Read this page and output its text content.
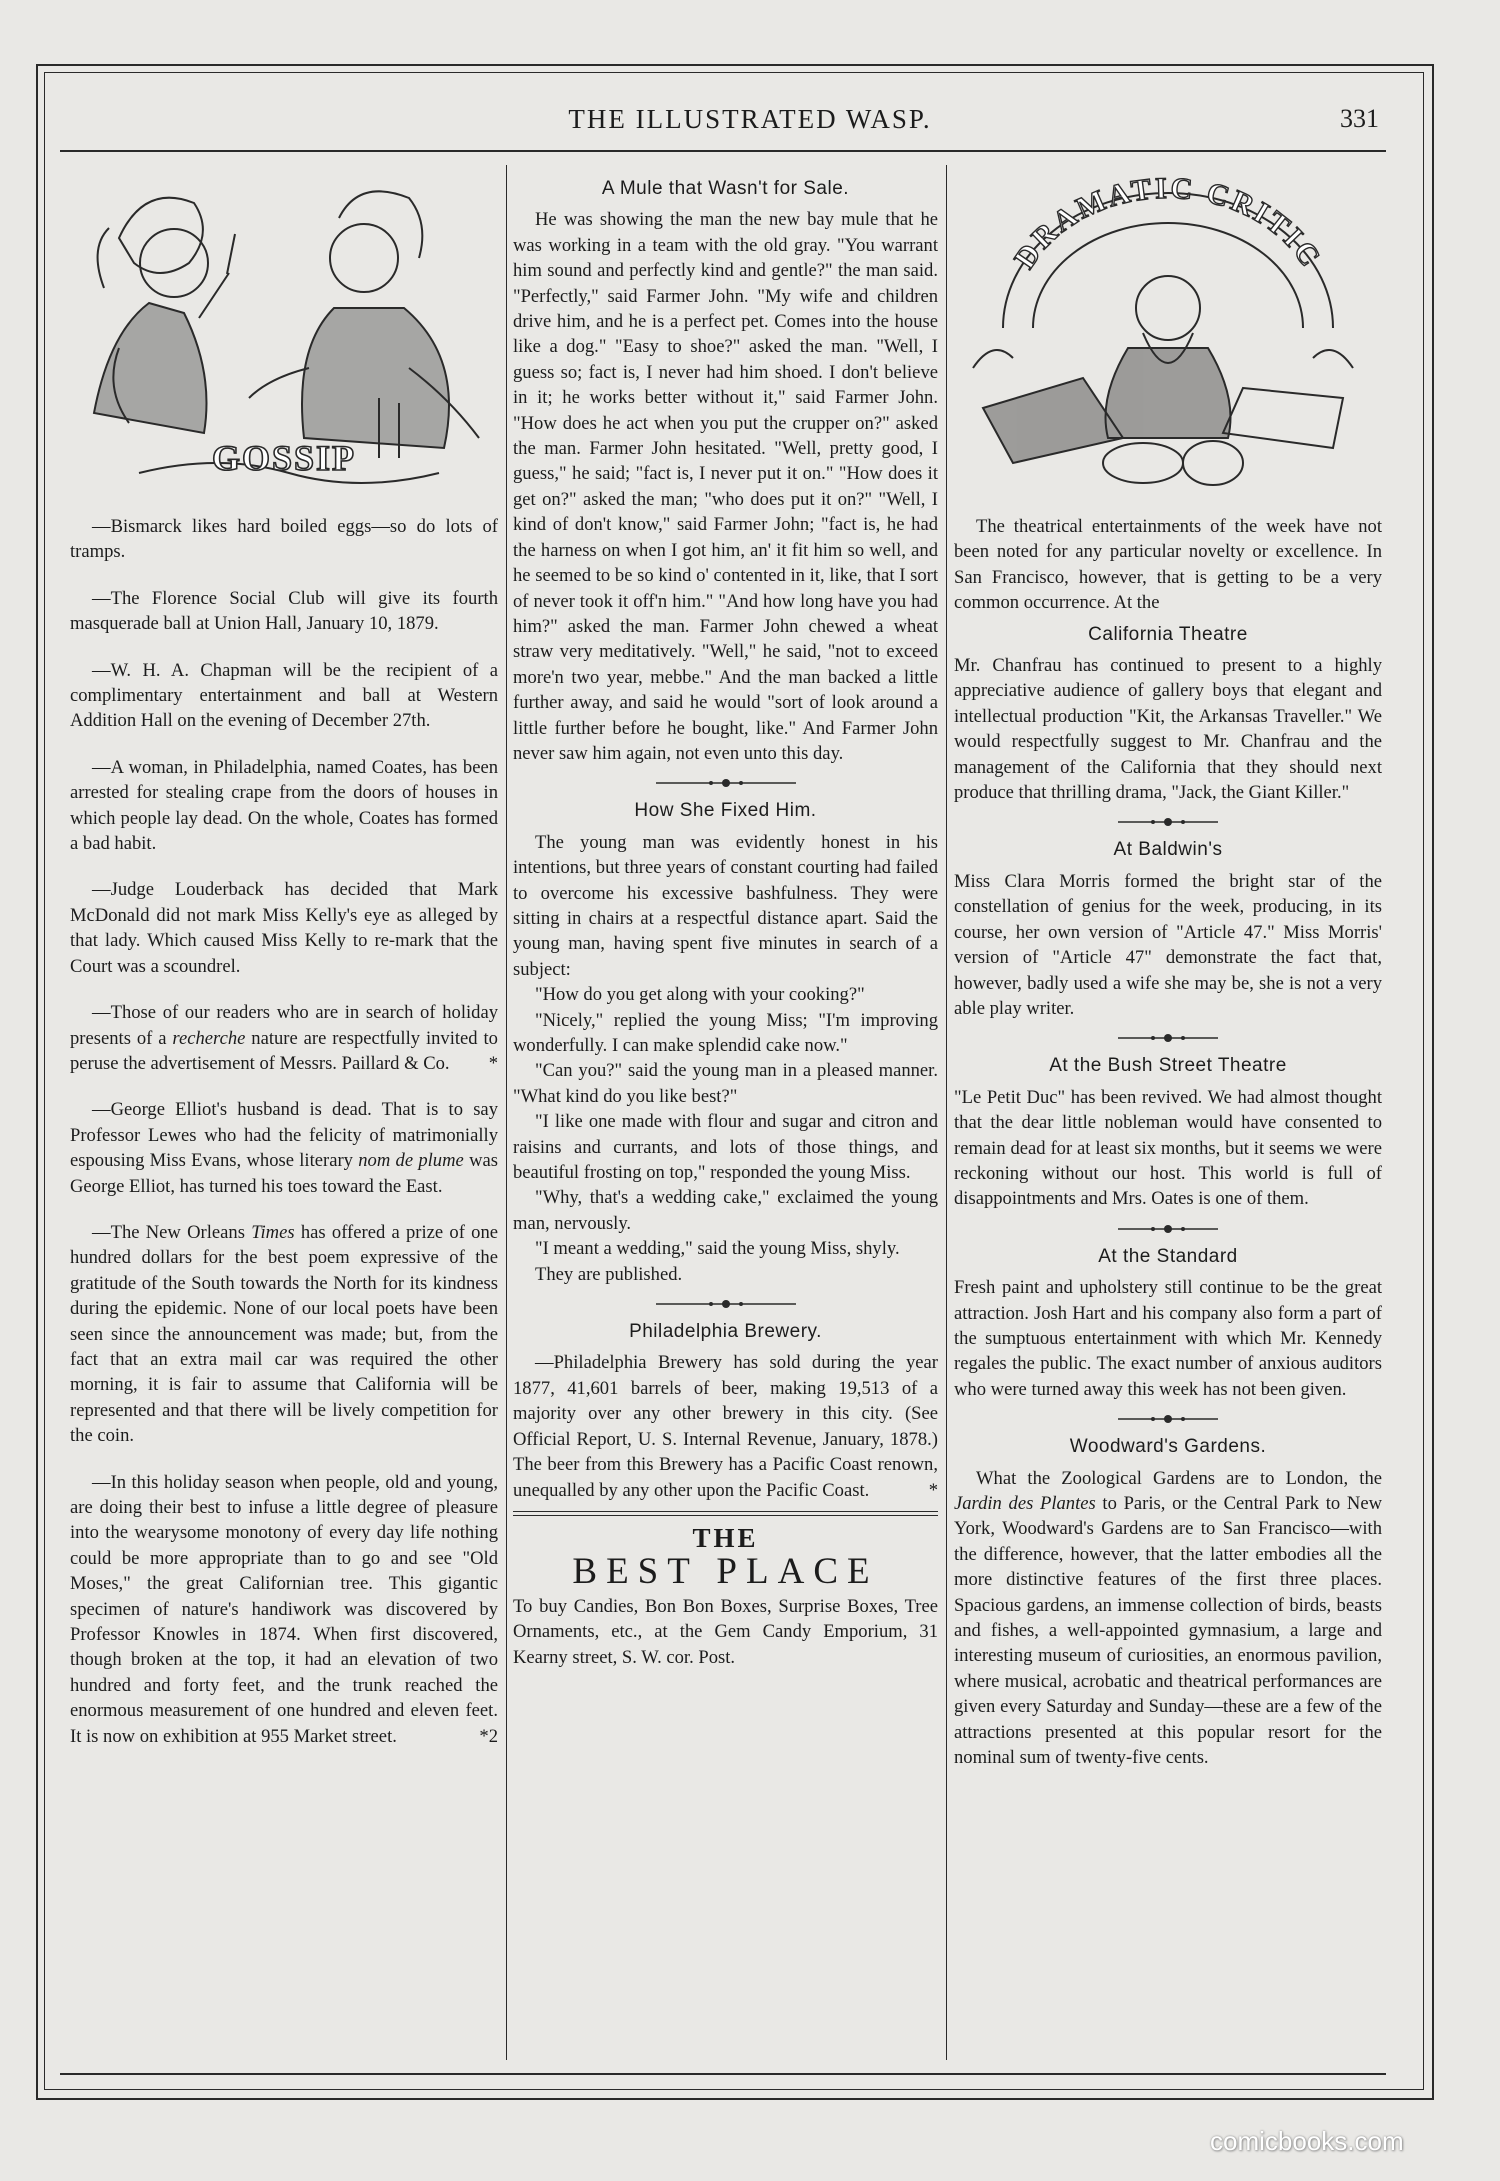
THE ILLUSTRATED WASP.	331
GOSSIP

—Bismarck likes hard boiled eggs—so do lots of tramps.

—The Florence Social Club will give its fourth masquerade ball at Union Hall, January 10, 1879.

—W. H. A. Chapman will be the recipient of a complimentary entertainment and ball at Western Addition Hall on the evening of December 27th.

—A woman, in Philadelphia, named Coates, has been arrested for stealing crape from the doors of houses in which people lay dead. On the whole, Coates has formed a bad habit.

—Judge Louderback has decided that Mark McDonald did not mark Miss Kelly's eye as alleged by that lady. Which caused Miss Kelly to re-mark that the Court was a scoundrel.

—Those of our readers who are in search of holiday presents of a recherche nature are respectfully invited to peruse the advertisement of Messrs. Paillard & Co.	*

—George Elliot's husband is dead. That is to say Professor Lewes who had the felicity of matrimonially espousing Miss Evans, whose literary nom de plume was George Elliot, has turned his toes toward the East.

—The New Orleans Times has offered a prize of one hundred dollars for the best poem expressive of the gratitude of the South towards the North for its kindness during the epidemic. None of our local poets have been seen since the announcement was made; but, from the fact that an extra mail car was required the other morning, it is fair to assume that California will be represented and that there will be lively competition for the coin.

—In this holiday season when people, old and young, are doing their best to infuse a little degree of pleasure into the wearysome monotony of every day life nothing could be more appropriate than to go and see "Old Moses," the great Californian tree. This gigantic specimen of nature's handiwork was discovered by Professor Knowles in 1874. When first discovered, though broken at the top, it had an elevation of two hundred and forty feet, and the trunk reached the enormous measurement of one hundred and eleven feet. It is now on exhibition at 955 Market street.	*2

A Mule that Wasn't for Sale.

He was showing the man the new bay mule that he was working in a team with the old gray. "You warrant him sound and perfectly kind and gentle?" the man said. "Perfectly," said Farmer John. "My wife and children drive him, and he is a perfect pet. Comes into the house like a dog." "Easy to shoe?" asked the man. "Well, I guess so; fact is, I never had him shoed. I don't believe in it; he works better without it," said Farmer John. "How does he act when you put the crupper on?" asked the man. Farmer John hesitated. "Well, pretty good, I guess," he said; "fact is, I never put it on." "How does it get on?" asked the man; "who does put it on?" "Well, I kind of don't know," said Farmer John; "fact is, he had the harness on when I got him, an' it fit him so well, and he seemed to be so kind o' contented in it, like, that I sort of never took it off'n him." "And how long have you had him?" asked the man. Farmer John chewed a wheat straw very meditatively. "Well," he said, "not to exceed more'n two year, mebbe." And the man backed a little further away, and said he would "sort of look around a little further before he bought, like." And Farmer John never saw him again, not even unto this day.

How She Fixed Him.

The young man was evidently honest in his intentions, but three years of constant courting had failed to overcome his excessive bashfulness. They were sitting in chairs at a respectful distance apart. Said the young man, having spent five minutes in search of a subject:

"How do you get along with your cooking?"

"Nicely," replied the young Miss; "I'm improving wonderfully. I can make splendid cake now."

"Can you?" said the young man in a pleased manner. "What kind do you like best?"

"I like one made with flour and sugar and citron and raisins and currants, and lots of those things, and beautiful frosting on top," responded the young Miss.

"Why, that's a wedding cake," exclaimed the young man, nervously.

"I meant a wedding," said the young Miss, shyly.

They are published.

Philadelphia Brewery.

—Philadelphia Brewery has sold during the year 1877, 41,601 barrels of beer, making 19,513 of a majority over any other brewery in this city. (See Official Report, U. S. Internal Revenue, January, 1878.) The beer from this Brewery has a Pacific Coast renown, unequalled by any other upon the Pacific Coast.	*

THE
BEST PLACE

To buy Candies, Bon Bon Boxes, Surprise Boxes, Tree Ornaments, etc., at the Gem Candy Emporium, 31 Kearny street, S. W. cor. Post.

DRAMATIC CRITIC

The theatrical entertainments of the week have not been noted for any particular novelty or excellence. In San Francisco, however, that is getting to be a very common occurrence. At the

California Theatre

Mr. Chanfrau has continued to present to a highly appreciative audience of gallery boys that elegant and intellectual production "Kit, the Arkansas Traveller." We would respectfully suggest to Mr. Chanfrau and the management of the California that they should next produce that thrilling drama, "Jack, the Giant Killer."

At Baldwin's

Miss Clara Morris formed the bright star of the constellation of genius for the week, producing, in its course, her own version of "Article 47." Miss Morris' version of "Article 47" demonstrate the fact that, however, badly used a wife she may be, she is not a very able play writer.

At the Bush Street Theatre

"Le Petit Duc" has been revived. We had almost thought that the dear little nobleman would have consented to remain dead for at least six months, but it seems we were reckoning without our host. This world is full of disappointments and Mrs. Oates is one of them.

At the Standard

Fresh paint and upholstery still continue to be the great attraction. Josh Hart and his company also form a part of the sumptuous entertainment with which Mr. Kennedy regales the public. The exact number of anxious auditors who were turned away this week has not been given.

Woodward's Gardens.

What the Zoological Gardens are to London, the Jardin des Plantes to Paris, or the Central Park to New York, Woodward's Gardens are to San Francisco—with the difference, however, that the latter embodies all the more distinctive features of the first three places. Spacious gardens, an immense collection of birds, beasts and fishes, a well-appointed gymnasium, a large and interesting museum of curiosities, an enormous pavilion, where musical, acrobatic and theatrical performances are given every Saturday and Sunday—these are a few of the attractions presented at this popular resort for the nominal sum of twenty-five cents.

comicbooks.com
